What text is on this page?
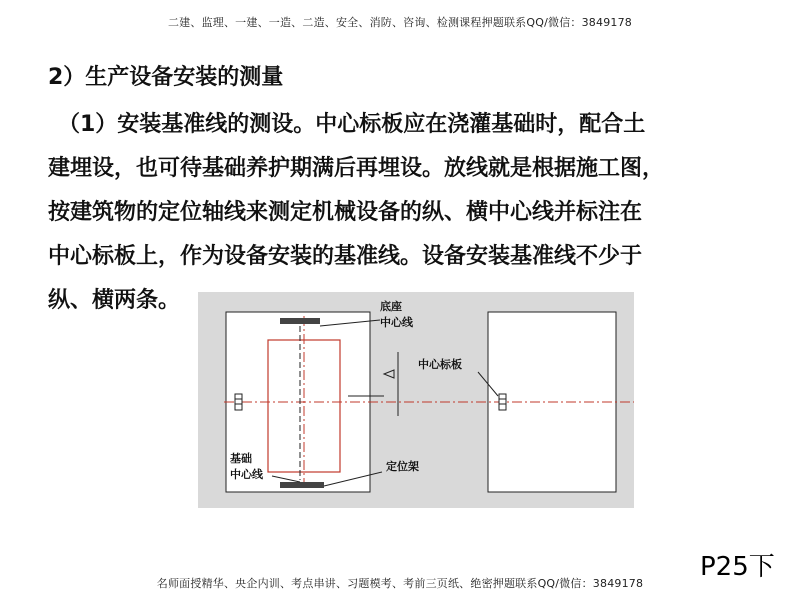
二建、监理、一建、一造、二造、安全、消防、咨询、检测课程押题联系QQ/微信：3849178
2）生产设备安装的测量
（1）安装基准线的测设。中心标板应在浇灌基础时，配合土
建埋设，也可待基础养护期满后再埋设。放线就是根据施工图，
按建筑物的定位轴线来测定机械设备的纵、横中心线并标注在
中心标板上，作为设备安装的基准线。设备安装基准线不少于
纵、横两条。	底座
中心线
中心标板
基础
中心线
定位架
P25下
名师面授精华、央企内训、考点串讲、习题模考、考前三页纸、绝密押题联系QQ/微信：3849178
